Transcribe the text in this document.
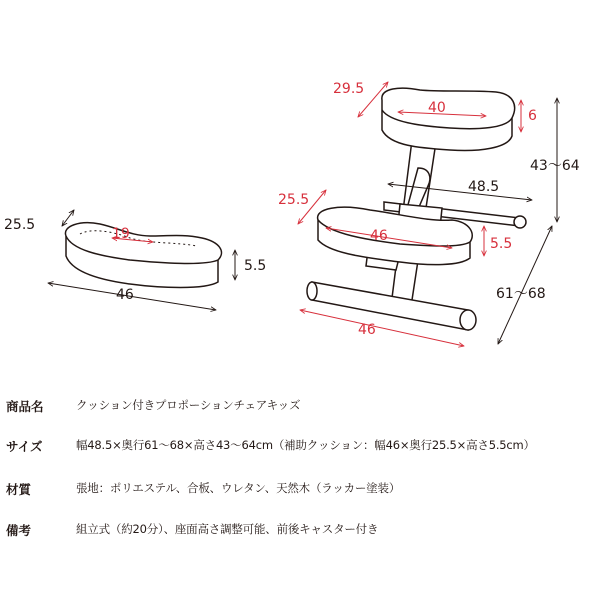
25.5
19
5.5
46
29.5
40	6
43～64
48.5
25.5
46	5.5
61～68
46
商品名	クッション付きプロポーションチェアキッズ
サイズ	幅48.5×奥行61～68×高さ43～64cm（補助クッション：幅46×奥行25.5×高さ5.5cm）
材質	張地：ポリエステル、合板、ウレタン、天然木（ラッカー塗装）
備考	組立式（約20分）、座面高さ調整可能、前後キャスター付き
